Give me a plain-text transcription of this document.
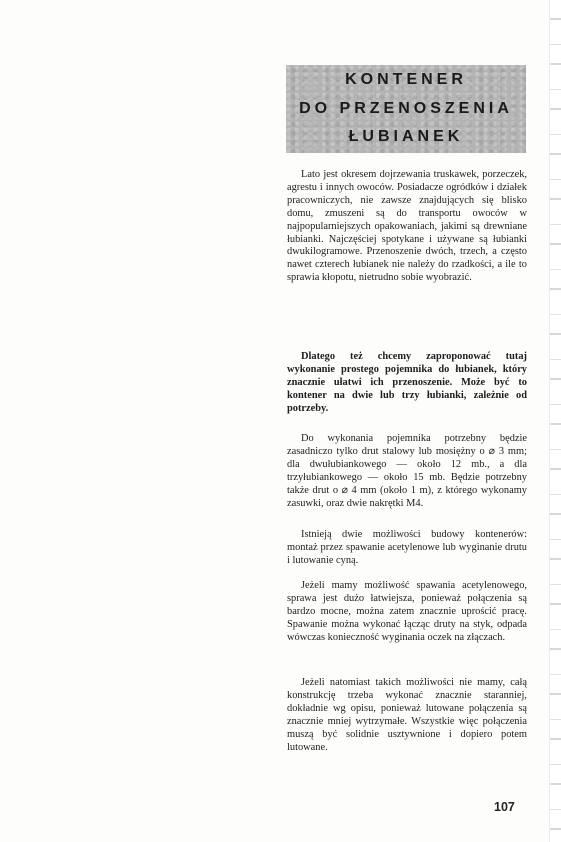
KONTENER
DO PRZENOSZENIA
ŁUBIANEK

Lato jest okresem dojrzewania truskawek, porzeczek, agrestu i innych owoców. Posiadacze ogródków i działek pracowniczych, nie zawsze znajdujących się blisko domu, zmuszeni są do transportu owoców w najpopularniejszych opakowaniach, jakimi są drewniane łubianki. Najczęściej spotykane i używane są łubianki dwukilogramowe. Przenoszenie dwóch, trzech, a często nawet czterech łubianek nie należy do rzadkości, a ile to sprawia kłopotu, nietrudno sobie wyobrazić.

Dlatego też chcemy zaproponować tutaj wykonanie prostego pojemnika do łubianek, który znacznie ułatwi ich przenoszenie. Może być to kontener na dwie lub trzy łubianki, zależnie od potrzeby.

Do wykonania pojemnika potrzebny będzie zasadniczo tylko drut stalowy lub mosiężny o ⌀ 3 mm; dla dwułubiankowego — około 12 mb., a dla trzyłubiankowego — około 15 mb. Będzie potrzebny także drut o ⌀ 4 mm (około 1 m), z którego wykonamy zasuwki, oraz dwie nakrętki M4.

Istnieją dwie możliwości budowy kontenerów: montaż przez spawanie acetylenowe lub wyginanie drutu i lutowanie cyną.

Jeżeli mamy możliwość spawania acetylenowego, sprawa jest dużo łatwiejsza, ponieważ połączenia są bardzo mocne, można zatem znacznie uprościć pracę. Spawanie można wykonać łącząc druty na styk, odpada wówczas konieczność wyginania oczek na złączach.

Jeżeli natomiast takich możliwości nie mamy, całą konstrukcję trzeba wykonać znacznie staranniej, dokładnie wg opisu, ponieważ lutowane połączenia są znacznie mniej wytrzymałe. Wszystkie więc połączenia muszą być solidnie usztywnione i dopiero potem lutowane.

107
